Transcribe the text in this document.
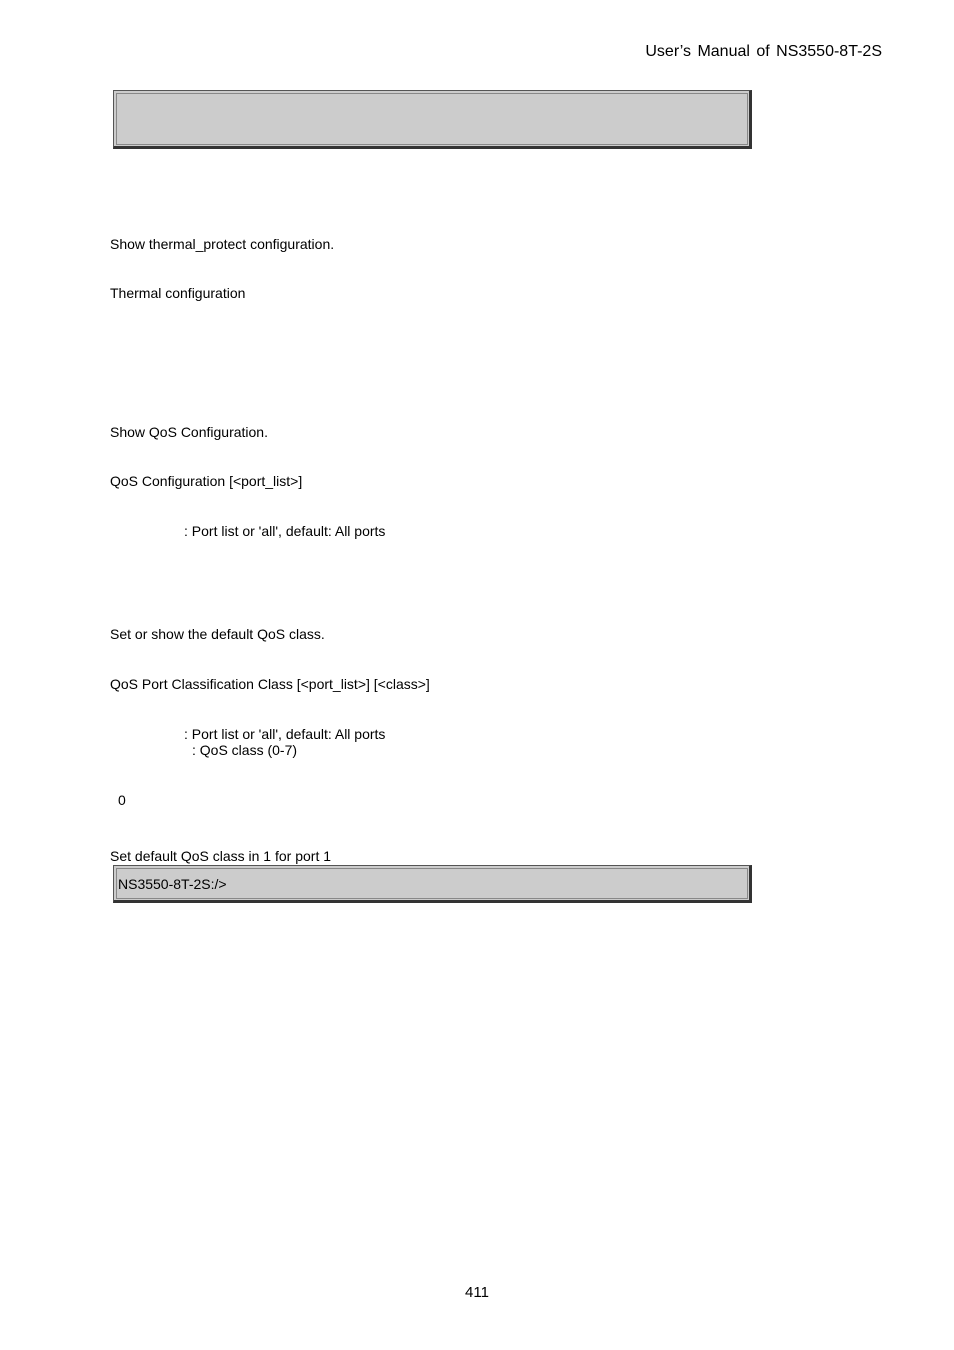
User’s Manual of NS3550-8T-2S
Show thermal_protect configuration.
Thermal configuration
Show QoS Configuration.
QoS Configuration [<port_list>]
: Port list or 'all', default: All ports
Set or show the default QoS class.
QoS Port Classification Class [<port_list>] [<class>]
: Port list or 'all', default: All ports
: QoS class (0-7)
0
Set default QoS class in 1 for port 1
NS3550-8T-2S:/>
411
